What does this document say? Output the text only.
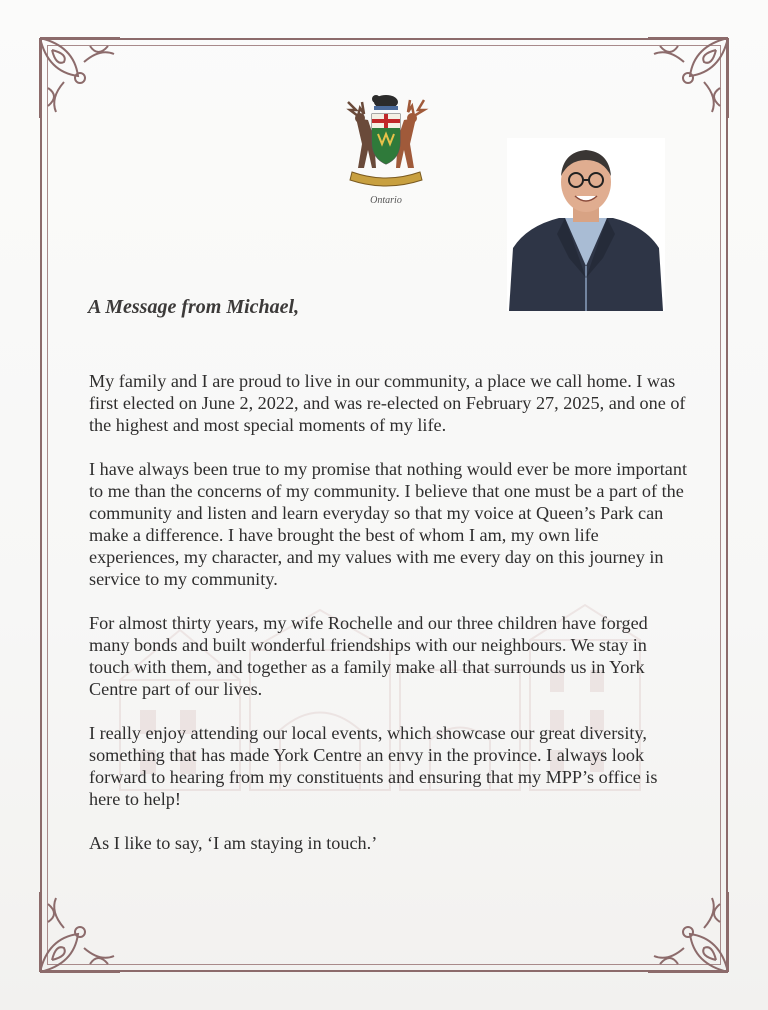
Ontario
A Message from Michael,

My family and I are proud to live in our community, a place we call home. I was first elected on June 2, 2022, and was re-elected on February 27, 2025, and one of the highest and most special moments of my life.

I have always been true to my promise that nothing would ever be more important to me than the concerns of my community. I believe that one must be a part of the community and listen and learn everyday so that my voice at Queen’s Park can make a difference. I have brought the best of whom I am, my own life experiences, my character, and my values with me every day on this journey in service to my community.

For almost thirty years, my wife Rochelle and our three children have forged many bonds and built wonderful friendships with our neighbours. We stay in touch with them, and together as a family make all that surrounds us in York Centre part of our lives.

I really enjoy attending our local events, which showcase our great diversity, something that has made York Centre an envy in the province. I always look forward to hearing from my constituents and ensuring that my MPP’s office is here to help!

As I like to say, ‘I am staying in touch.’
